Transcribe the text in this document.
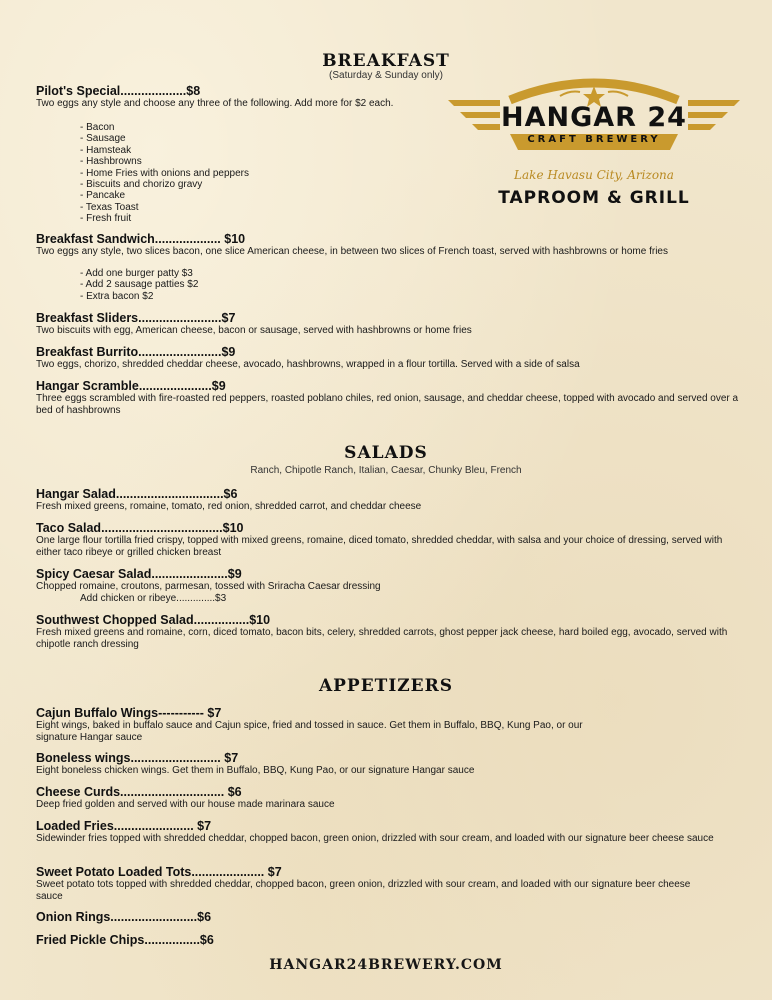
BREAKFAST
(Saturday & Sunday only)
Pilot's Special...................$8
Two eggs any style and choose any three of the following. Add more for $2 each.
- Bacon
- Sausage
- Hamsteak
- Hashbrowns
- Home Fries with onions and peppers
- Biscuits and chorizo gravy
- Pancake
- Texas Toast
- Fresh fruit
Breakfast Sandwich................... $10
Two eggs any style, two slices bacon, one slice American cheese, in between two slices of French toast, served with hashbrowns or home fries
- Add one burger patty $3
- Add 2 sausage patties $2
- Extra bacon $2
Breakfast Sliders........................$7
Two biscuits with egg, American cheese, bacon or sausage, served with hashbrowns or home fries
Breakfast Burrito........................$9
Two eggs, chorizo, shredded cheddar cheese, avocado, hashbrowns, wrapped in a flour tortilla. Served with a side of salsa
Hangar Scramble.....................$9
Three eggs scrambled with fire-roasted red peppers, roasted poblano chiles, red onion, sausage, and cheddar cheese, topped with avocado and served over a bed of hashbrowns
HANGAR 24
CRAFT BREWERY
Lake Havasu City, Arizona
TAPROOM & GRILL
SALADS
Ranch, Chipotle Ranch, Italian, Caesar, Chunky Bleu, French
Hangar Salad...............................$6
Fresh mixed greens, romaine, tomato, red onion, shredded carrot, and cheddar cheese
Taco Salad...................................$10
One large flour tortilla fried crispy, topped with mixed greens, romaine, diced tomato, shredded cheddar, with salsa and your choice of dressing, served with either taco ribeye or grilled chicken breast
Spicy Caesar Salad......................$9
Chopped romaine, croutons, parmesan, tossed with Sriracha Caesar dressing
Add chicken or ribeye..............$3
Southwest Chopped Salad................$10
Fresh mixed greens and romaine, corn, diced tomato, bacon bits, celery, shredded carrots, ghost pepper jack cheese, hard boiled egg, avocado, served with chipotle ranch dressing
APPETIZERS
Cajun Buffalo Wings----------- $7
Eight wings, baked in buffalo sauce and Cajun spice, fried and tossed in sauce. Get them in Buffalo, BBQ, Kung Pao, or our signature Hangar sauce
Boneless wings.......................... $7
Eight boneless chicken wings. Get them in Buffalo, BBQ, Kung Pao, or our signature Hangar sauce
Cheese Curds.............................. $6
Deep fried golden and served with our house made marinara sauce
Loaded Fries....................... $7
Sidewinder fries topped with shredded cheddar, chopped bacon, green onion, drizzled with sour cream, and loaded with our signature beer cheese sauce
Sweet Potato Loaded Tots..................... $7
Sweet potato tots topped with shredded cheddar, chopped bacon, green onion, drizzled with sour cream, and loaded with our signature beer cheese sauce
Onion Rings.........................$6
Fried Pickle Chips................$6
HANGAR24BREWERY.COM
